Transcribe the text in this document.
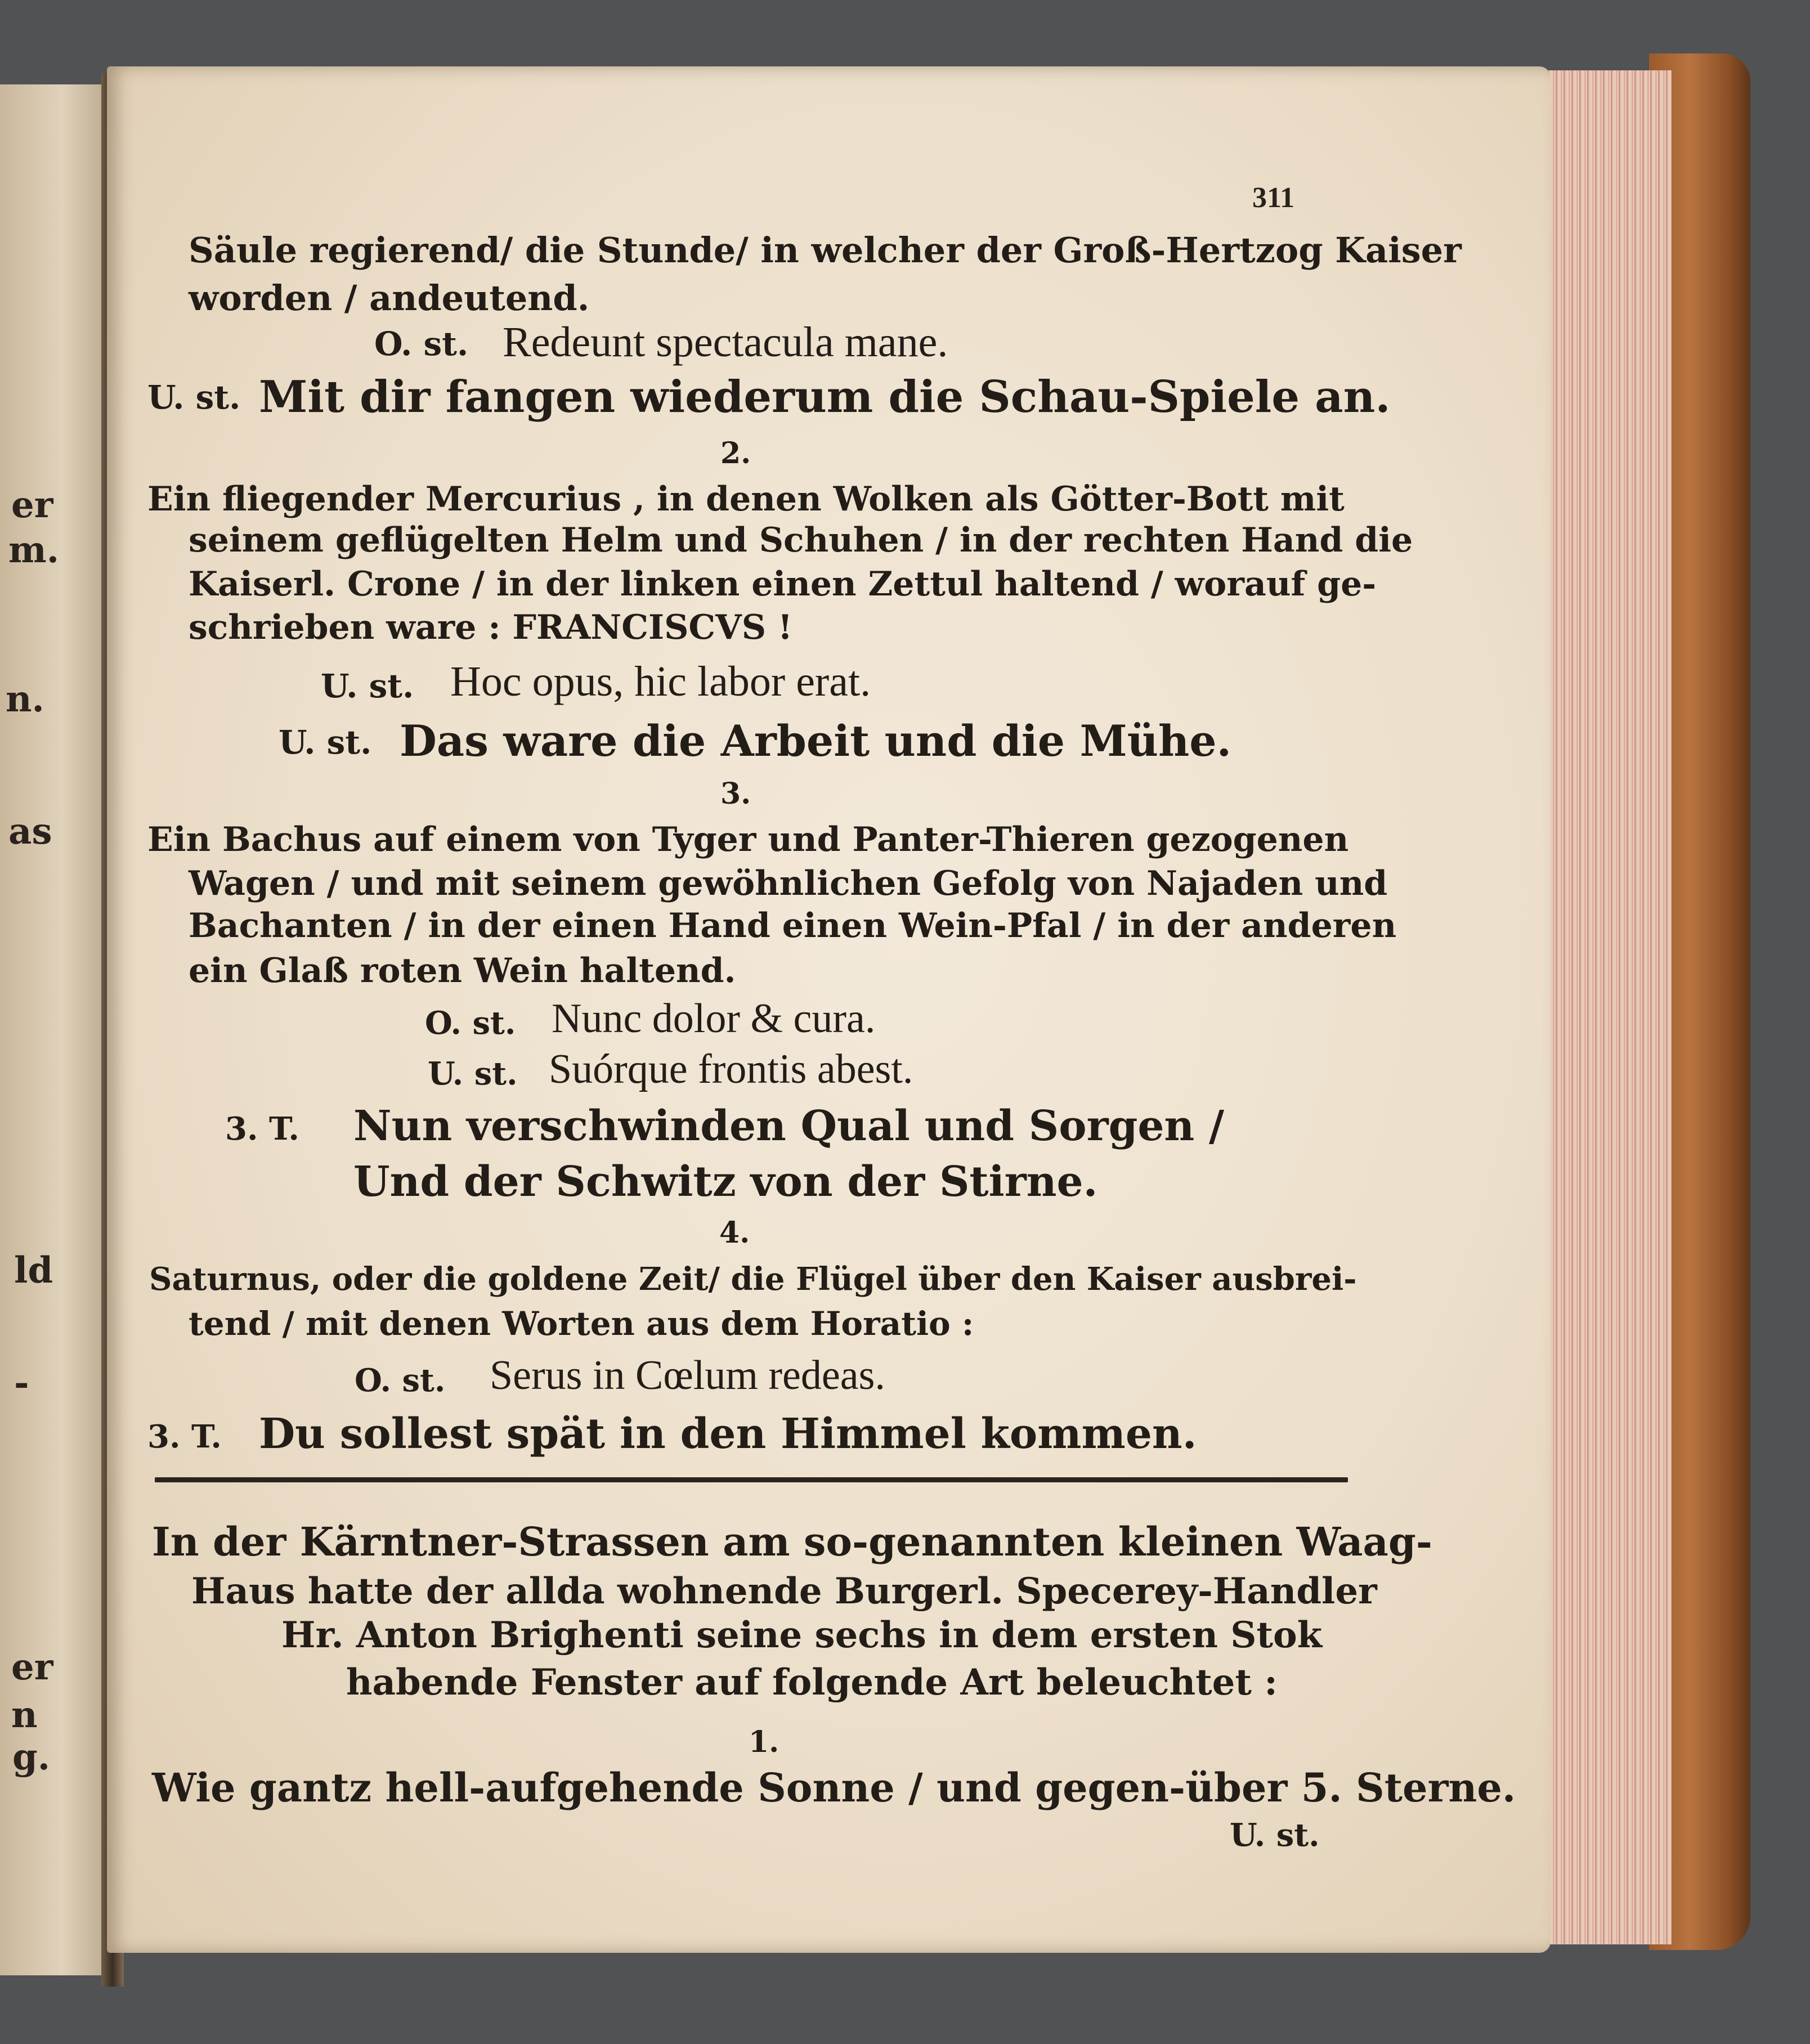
er
m.
n.
as
ld
-
er
n
g.
311
Säule regierend/ die Stunde/ in welcher der Groß-Hertzog Kaiser
worden / andeutend.
O. st. Redeunt spectacula mane.
U. st. Mit dir fangen wiederum die Schau-Spiele an.
2.
Ein fliegender Mercurius , in denen Wolken als Götter-Bott mit
seinem geflügelten Helm und Schuhen / in der rechten Hand die
Kaiserl. Crone / in der linken einen Zettul haltend / worauf ge-
schrieben ware : FRANCISCVS !
U. st. Hoc opus, hic labor erat.
U. st. Das ware die Arbeit und die Mühe.
3.
Ein Bachus auf einem von Tyger und Panter-Thieren gezogenen
Wagen / und mit seinem gewöhnlichen Gefolg von Najaden und
Bachanten / in der einen Hand einen Wein-Pfal / in der anderen
ein Glaß roten Wein haltend.
O. st. Nunc dolor & cura.
U. st. Suórque frontis abest.
3. T. Nun verschwinden Qual und Sorgen /
Und der Schwitz von der Stirne.
4.
Saturnus, oder die goldene Zeit/ die Flügel über den Kaiser ausbrei-
tend / mit denen Worten aus dem Horatio :
O. st. Serus in Cœlum redeas.
3. T. Du sollest spät in den Himmel kommen.
In der Kärntner-Strassen am so-genannten kleinen Waag-
Haus hatte der allda wohnende Burgerl. Specerey-Handler
Hr. Anton Brighenti seine sechs in dem ersten Stok
habende Fenster auf folgende Art beleuchtet :
1.
Wie gantz hell-aufgehende Sonne / und gegen-über 5. Sterne.
U. st.
